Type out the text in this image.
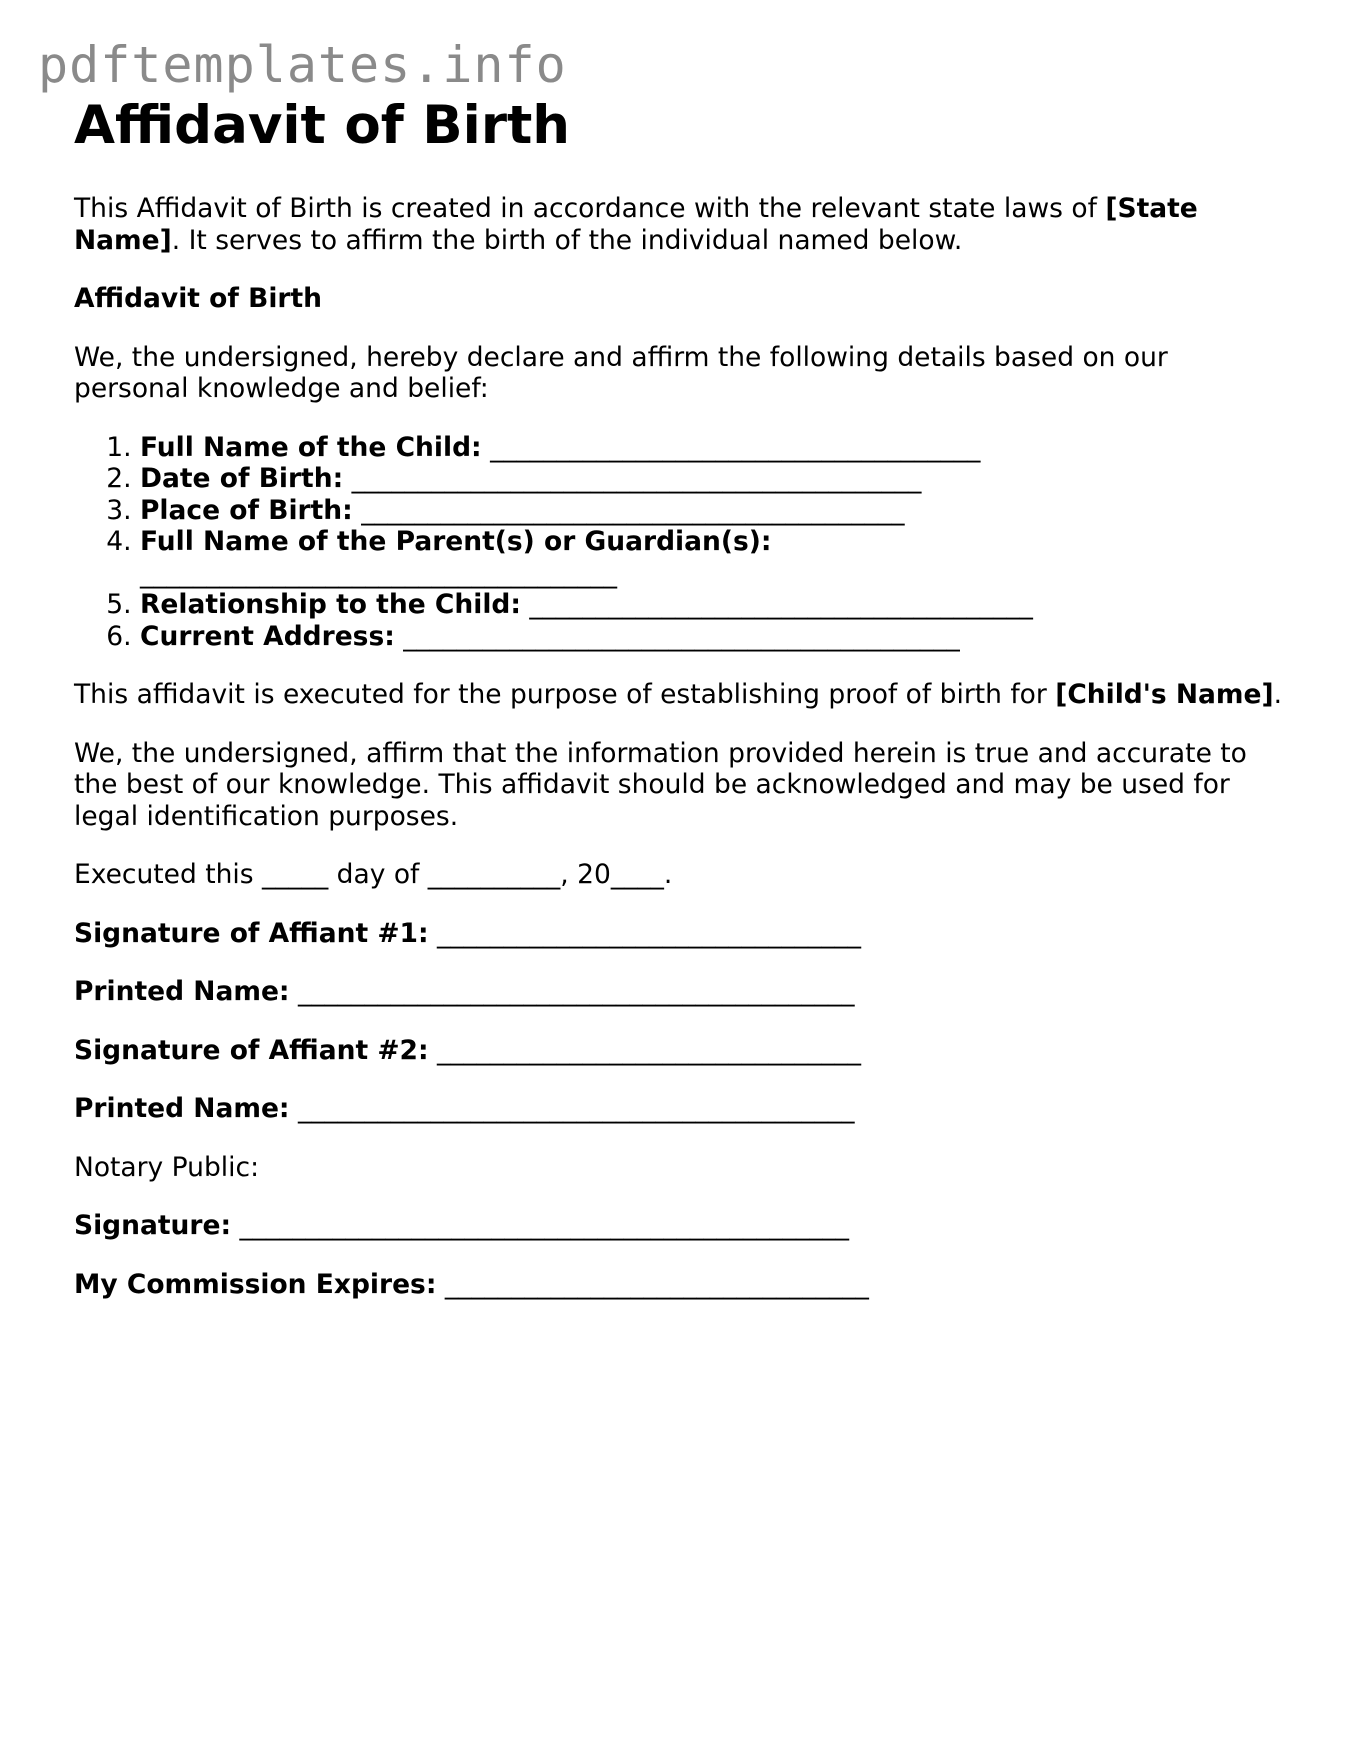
pdftemplates.info
Affidavit of Birth

This Affidavit of Birth is created in accordance with the relevant state laws of [State Name]. It serves to affirm the birth of the individual named below.

Affidavit of Birth

We, the undersigned, hereby declare and affirm the following details based on our personal knowledge and belief:

1. Full Name of the Child: _____________________________________
2. Date of Birth: ___________________________________________
3. Place of Birth: _________________________________________
4. Full Name of the Parent(s) or Guardian(s):
____________________________________
5. Relationship to the Child: ______________________________________
6. Current Address: __________________________________________

This affidavit is executed for the purpose of establishing proof of birth for [Child's Name].

We, the undersigned, affirm that the information provided herein is true and accurate to the best of our knowledge. This affidavit should be acknowledged and may be used for legal identification purposes.

Executed this _____ day of __________, 20____.

Signature of Affiant #1: ________________________________

Printed Name: __________________________________________

Signature of Affiant #2: ________________________________

Printed Name: __________________________________________

Notary Public:

Signature: ______________________________________________

My Commission Expires: ________________________________
